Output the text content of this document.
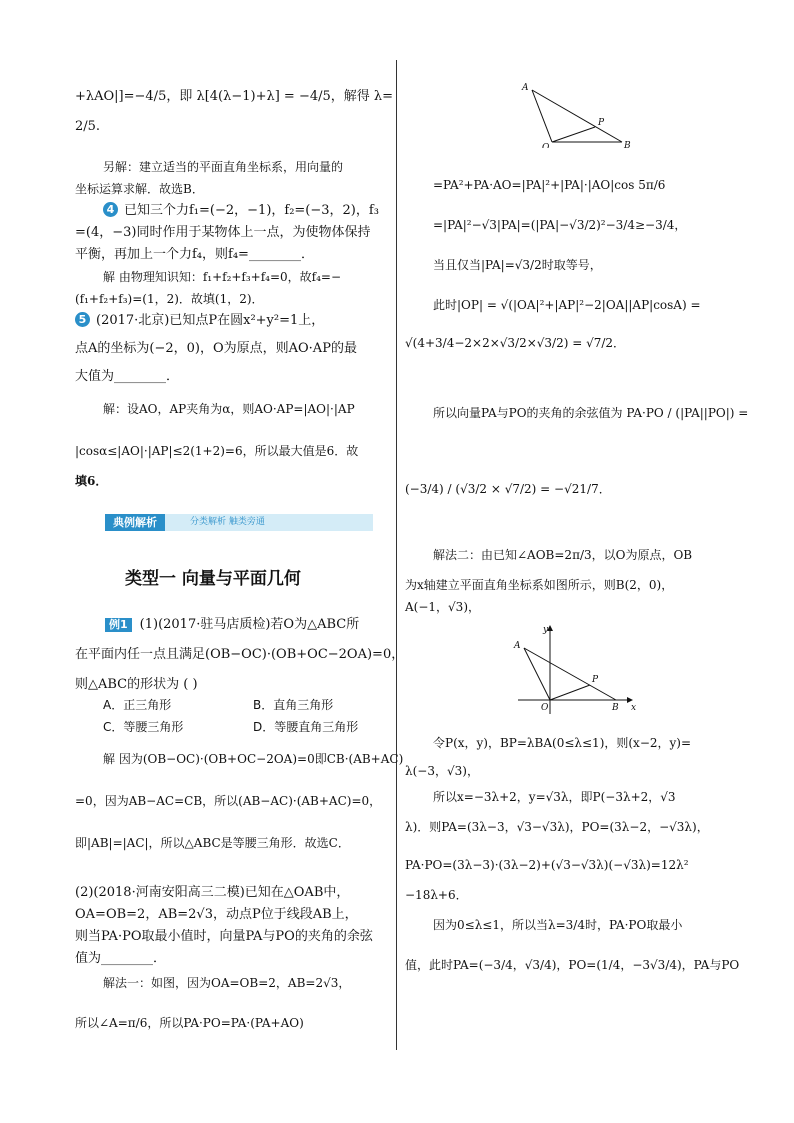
+λAO|]=−4/5，即 λ[4(λ−1)+λ] = −4/5，解得 λ=
2/5.
另解：建立适当的平面直角坐标系，用向量的
坐标运算求解．故选B．
4 已知三个力f₁=(−2，−1)，f₂=(−3，2)，f₃
=(4，−3)同时作用于某物体上一点，为使物体保持
平衡，再加上一个力f₄，则f₄=________．
解 由物理知识知：f₁+f₂+f₃+f₄=0，故f₄=−
(f₁+f₂+f₃)=(1，2)．故填(1，2)．
5 (2017·北京)已知点P在圆x²+y²=1上，
点A的坐标为(−2，0)，O为原点，则AO·AP的最
大值为________．
解：设AO，AP夹角为α，则AO·AP=|AO|·|AP
|cosα≤|AO|·|AP|≤2(1+2)=6，所以最大值是6．故
填6．
典例解析	分类解析 触类旁通
类型一 向量与平面几何
例1 (1)(2017·驻马店质检)若O为△ABC所
在平面内任一点且满足(OB−OC)·(OB+OC−2OA)=0，
则△ABC的形状为 ( )
A．正三角形	B．直角三角形
C．等腰三角形	D．等腰直角三角形
解 因为(OB−OC)·(OB+OC−2OA)=0即CB·(AB+AC)
=0，因为AB−AC=CB，所以(AB−AC)·(AB+AC)=0，
即|AB|=|AC|，所以△ABC是等腰三角形．故选C．
(2)(2018·河南安阳高三二模)已知在△OAB中，
OA=OB=2，AB=2√3，动点P位于线段AB上，
则当PA·PO取最小值时，向量PA与PO的夹角的余弦
值为________．
解法一：如图，因为OA=OB=2，AB=2√3，
所以∠A=π/6，所以PA·PO=PA·(PA+AO)
A
P
O	B
=PA²+PA·AO=|PA|²+|PA|·|AO|cos 5π/6
=|PA|²−√3|PA|=(|PA|−√3/2)²−3/4≥−3/4，
当且仅当|PA|=√3/2时取等号，
此时|OP| = √(|OA|²+|AP|²−2|OA||AP|cosA) =
√(4+3/4−2×2×√3/2×√3/2) = √7/2．
所以向量PA与PO的夹角的余弦值为 PA·PO / (|PA||PO|) =
(−3/4) / (√3/2 × √7/2) = −√21/7．
解法二：由已知∠AOB=2π/3，以O为原点，OB
为x轴建立平面直角坐标系如图所示，则B(2，0)，
A(−1，√3)，
y
A
P
O	B x
令P(x，y)，BP=λBA(0≤λ≤1)，则(x−2，y)=
λ(−3，√3)，
所以x=−3λ+2，y=√3λ，即P(−3λ+2，√3
λ)．则PA=(3λ−3，√3−√3λ)，PO=(3λ−2，−√3λ)，
PA·PO=(3λ−3)·(3λ−2)+(√3−√3λ)(−√3λ)=12λ²
−18λ+6．
因为0≤λ≤1，所以当λ=3/4时，PA·PO取最小
值，此时PA=(−3/4，√3/4)，PO=(1/4，−3√3/4)，PA与PO
